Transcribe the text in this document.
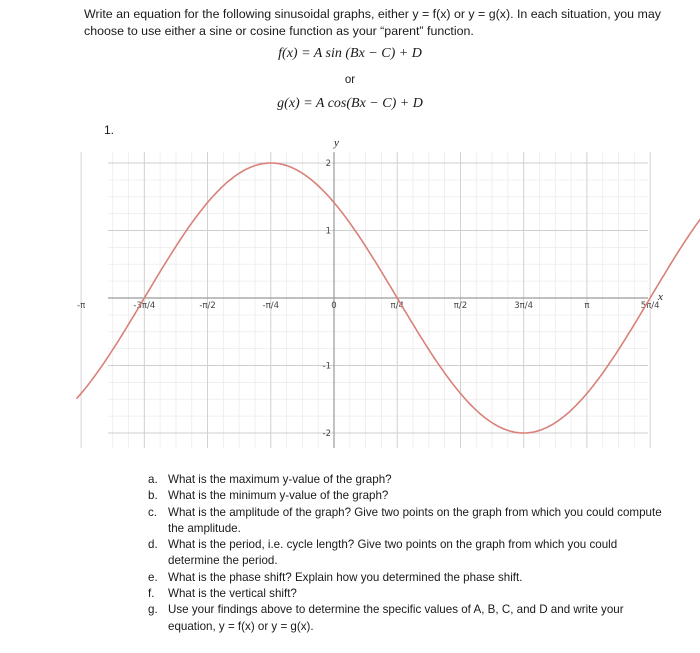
Write an equation for the following sinusoidal graphs, either y = f(x) or y = g(x). In each situation, you may choose to use either a sine or cosine function as your “parent” function.
f(x) = A sin (Bx − C) + D
or
g(x) = A cos(Bx − C) + D
1.
-π	-3π/4	-π/2	-π/4	0	π/4	π/2	3π/4	π	5π/4
2
1
-1
-2
x
y
a. What is the maximum y-value of the graph?
b. What is the minimum y-value of the graph?
c. What is the amplitude of the graph? Give two points on the graph from which you could compute the amplitude.
d. What is the period, i.e. cycle length? Give two points on the graph from which you could determine the period.
e. What is the phase shift? Explain how you determined the phase shift.
f.	What is the vertical shift?
g. Use your findings above to determine the specific values of A, B, C, and D and write your equation, y = f(x) or y = g(x).
